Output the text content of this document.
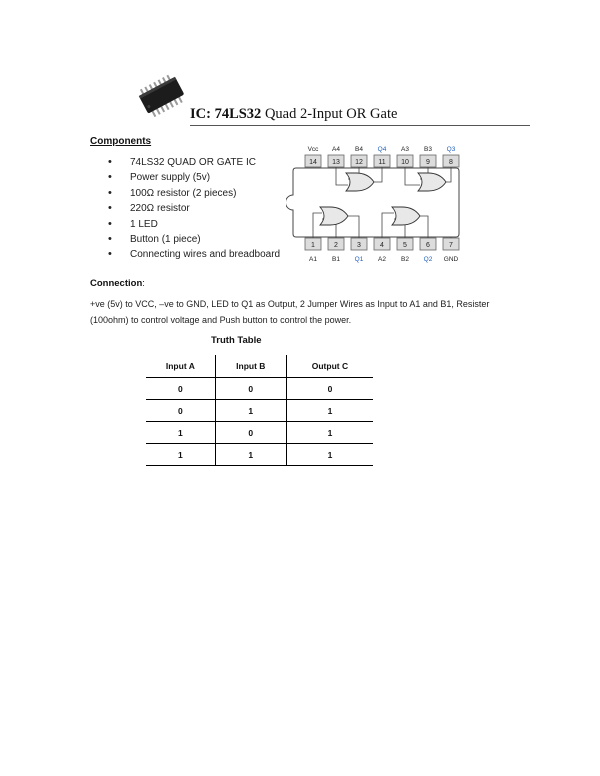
IC: 74LS32 Quad 2-Input OR Gate
Components
• 74LS32 QUAD OR GATE IC
• Power supply (5v)
• 100Ω resistor (2 pieces)
• 220Ω resistor
• 1 LED
• Button (1 piece)
• Connecting wires and breadboard
Vcc A4 B4 Q4 A3 B3 Q3
14 13 12 11 10 9	8
1	2	3	4	5	6	7
A1 B1 Q1 A2 B2 Q2 GND
Connection:
+ve (5v) to VCC, –ve to GND, LED to Q1 as Output, 2 Jumper Wires as Input to A1 and B1, Resister (100ohm) to control voltage and Push button to control the power.
Truth Table
Input A	Input B	Output C
0	0	0
0	1	1
1	0	1
1	1	1
